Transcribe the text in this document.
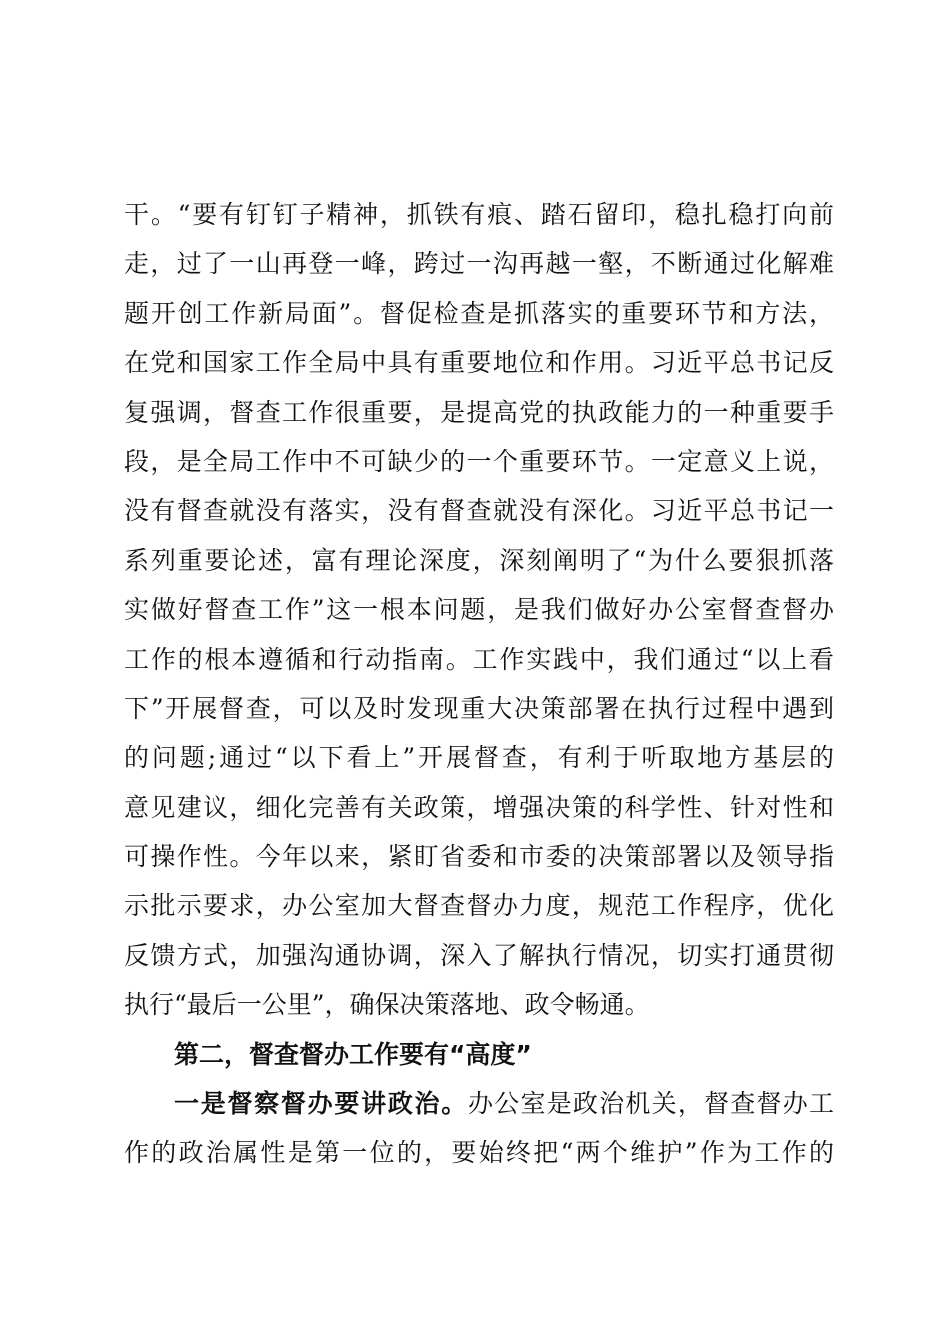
干。“要有钉钉子精神，抓铁有痕、踏石留印，稳扎稳打向前
走，过了一山再登一峰，跨过一沟再越一壑，不断通过化解难
题开创工作新局面”。督促检查是抓落实的重要环节和方法，
在党和国家工作全局中具有重要地位和作用。习近平总书记反
复强调，督查工作很重要，是提高党的执政能力的一种重要手
段，是全局工作中不可缺少的一个重要环节。一定意义上说，
没有督查就没有落实，没有督查就没有深化。习近平总书记一
系列重要论述，富有理论深度，深刻阐明了“为什么要狠抓落
实做好督查工作”这一根本问题，是我们做好办公室督查督办
工作的根本遵循和行动指南。工作实践中，我们通过“以上看
下”开展督查，可以及时发现重大决策部署在执行过程中遇到
的问题;通过“以下看上”开展督查，有利于听取地方基层的
意见建议，细化完善有关政策，增强决策的科学性、针对性和
可操作性。今年以来，紧盯省委和市委的决策部署以及领导指
示批示要求，办公室加大督查督办力度，规范工作程序，优化
反馈方式，加强沟通协调，深入了解执行情况，切实打通贯彻
执行“最后一公里”，确保决策落地、政令畅通。
第二，督查督办工作要有“高度”
一是督察督办要讲政治。办公室是政治机关，督查督办工
作的政治属性是第一位的，要始终把“两个维护”作为工作的
